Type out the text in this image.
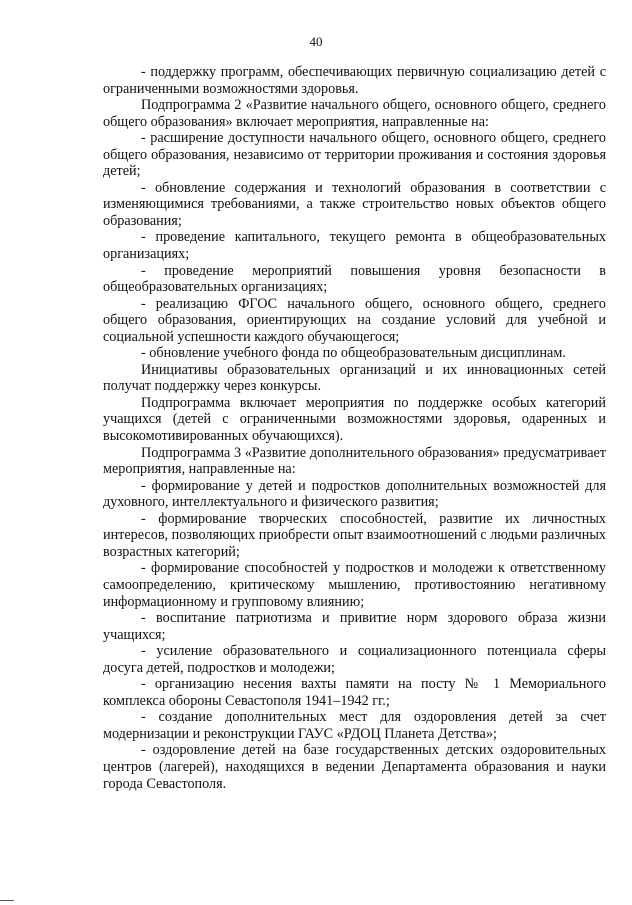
40

- поддержку программ, обеспечивающих первичную социализацию детей с ограниченными возможностями здоровья.

Подпрограмма 2 «Развитие начального общего, основного общего, среднего общего образования» включает мероприятия, направленные на:

- расширение доступности начального общего, основного общего, среднего общего образования, независимо от территории проживания и состояния здоровья детей;

- обновление содержания и технологий образования в соответствии с изменяющимися требованиями, а также строительство новых объектов общего образования;

- проведение капитального, текущего ремонта в общеобразовательных организациях;

- проведение мероприятий повышения уровня безопасности в общеобразовательных организациях;

- реализацию ФГОС начального общего, основного общего, среднего общего образования, ориентирующих на создание условий для учебной и социальной успешности каждого обучающегося;

- обновление учебного фонда по общеобразовательным дисциплинам.

Инициативы образовательных организаций и их инновационных сетей получат поддержку через конкурсы.

Подпрограмма включает мероприятия по поддержке особых категорий учащихся (детей с ограниченными возможностями здоровья, одаренных и высокомотивированных обучающихся).

Подпрограмма 3 «Развитие дополнительного образования» предусматривает мероприятия, направленные на:

- формирование у детей и подростков дополнительных возможностей для духовного, интеллектуального и физического развития;

- формирование творческих способностей, развитие их личностных интересов, позволяющих приобрести опыт взаимоотношений с людьми различных возрастных категорий;

- формирование способностей у подростков и молодежи к ответственному самоопределению, критическому мышлению, противостоянию негативному информационному и групповому влиянию;

- воспитание патриотизма и привитие норм здорового образа жизни учащихся;

- усиление образовательного и социализационного потенциала сферы досуга детей, подростков и молодежи;

- организацию несения вахты памяти на посту № 1 Мемориального комплекса обороны Севастополя 1941–1942 гг.;

- создание дополнительных мест для оздоровления детей за счет модернизации и реконструкции ГАУС «РДОЦ Планета Детства»;

- оздоровление детей на базе государственных детских оздоровительных центров (лагерей), находящихся в ведении Департамента образования и науки города Севастополя.
